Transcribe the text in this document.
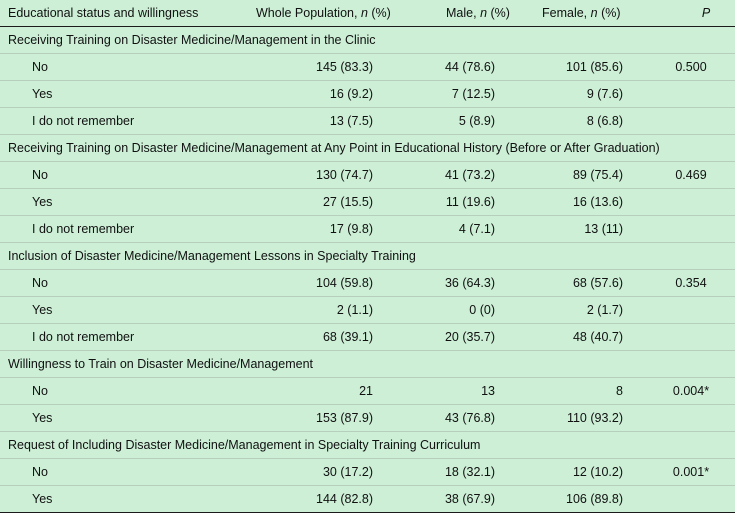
Educational status and willingness	Whole Population, n (%)	Male, n (%)	Female, n (%)	P
Receiving Training on Disaster Medicine/Management in the Clinic				
No	145 (83.3)	44 (78.6)	101 (85.6)	0.500
Yes	16 (9.2)	7 (12.5)	9 (7.6)	
I do not remember	13 (7.5)	5 (8.9)	8 (6.8)	
Receiving Training on Disaster Medicine/Management at Any Point in Educational History (Before or After Graduation)				
No	130 (74.7)	41 (73.2)	89 (75.4)	0.469
Yes	27 (15.5)	11 (19.6)	16 (13.6)	
I do not remember	17 (9.8)	4 (7.1)	13 (11)	
Inclusion of Disaster Medicine/Management Lessons in Specialty Training				
No	104 (59.8)	36 (64.3)	68 (57.6)	0.354
Yes	2 (1.1)	0 (0)	2 (1.7)	
I do not remember	68 (39.1)	20 (35.7)	48 (40.7)	
Willingness to Train on Disaster Medicine/Management				
No	21	13	8	0.004*
Yes	153 (87.9)	43 (76.8)	110 (93.2)	
Request of Including Disaster Medicine/Management in Specialty Training Curriculum				
No	30 (17.2)	18 (32.1)	12 (10.2)	0.001*
Yes	144 (82.8)	38 (67.9)	106 (89.8)	
